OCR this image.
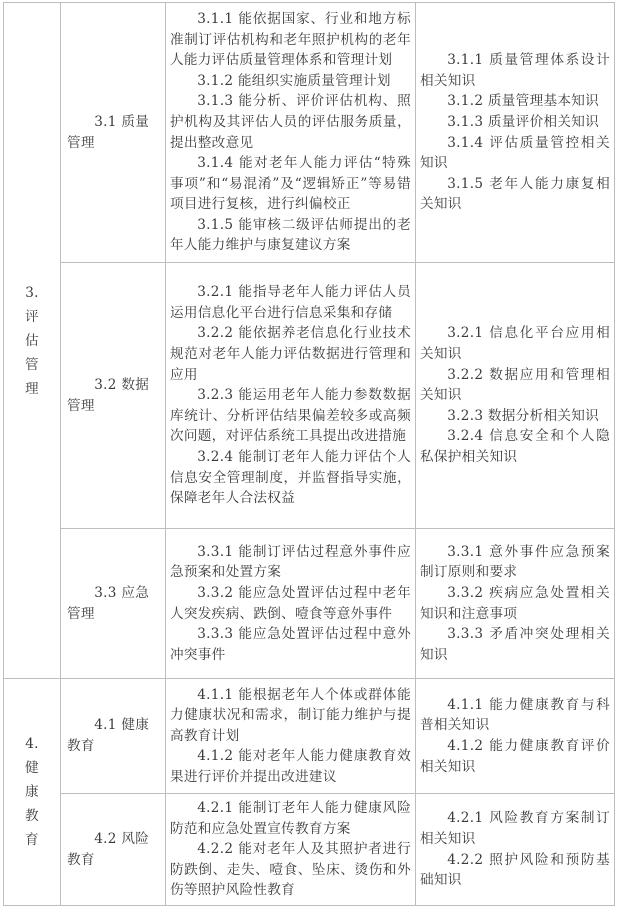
3.
评
估
管
理	3.1 质量管理	3.1.1 能依据国家、行业和地方标准制订评估机构和老年照护机构的老年人能力评估质量管理体系和管理计划
3.1.2 能组织实施质量管理计划
3.1.3 能分析、评价评估机构、照护机构及其评估人员的评估服务质量，提出整改意见
3.1.4 能对老年人能力评估“特殊事项”和“易混淆”及“逻辑矫正”等易错项目进行复核，进行纠偏校正
3.1.5 能审核二级评估师提出的老年人能力维护与康复建议方案	3.1.1 质量管理体系设计相关知识
3.1.2 质量管理基本知识
3.1.3 质量评价相关知识
3.1.4 评估质量管控相关知识
3.1.5 老年人能力康复相关知识

	3.2 数据管理	3.2.1 能指导老年人能力评估人员运用信息化平台进行信息采集和存储
3.2.2 能依据养老信息化行业技术规范对老年人能力评估数据进行管理和应用
3.2.3 能运用老年人能力参数数据库统计、分析评估结果偏差较多或高频次问题，对评估系统工具提出改进措施
3.2.4 能制订老年人能力评估个人信息安全管理制度，并监督指导实施，保障老年人合法权益	3.2.1 信息化平台应用相关知识
3.2.2 数据应用和管理相关知识
3.2.3 数据分析相关知识
3.2.4 信息安全和个人隐私保护相关知识

	3.3 应急管理	3.3.1 能制订评估过程意外事件应急预案和处置方案
3.3.2 能应急处置评估过程中老年人突发疾病、跌倒、噎食等意外事件
3.3.3 能应急处置评估过程中意外冲突事件	3.3.1 意外事件应急预案制订原则和要求
3.3.2 疾病应急处置相关知识和注意事项
3.3.3 矛盾冲突处理相关知识

4.
健
康
教
育	4.1 健康教育	4.1.1 能根据老年人个体或群体能力健康状况和需求，制订能力维护与提高教育计划
4.1.2 能对老年人能力健康教育效果进行评价并提出改进建议	4.1.1 能力健康教育与科普相关知识
4.1.2 能力健康教育评价相关知识

	4.2 风险教育	4.2.1 能制订老年人能力健康风险防范和应急处置宣传教育方案
4.2.2 能对老年人及其照护者进行防跌倒、走失、噎食、坠床、烫伤和外伤等照护风险性教育	4.2.1 风险教育方案制订相关知识
4.2.2 照护风险和预防基础知识
